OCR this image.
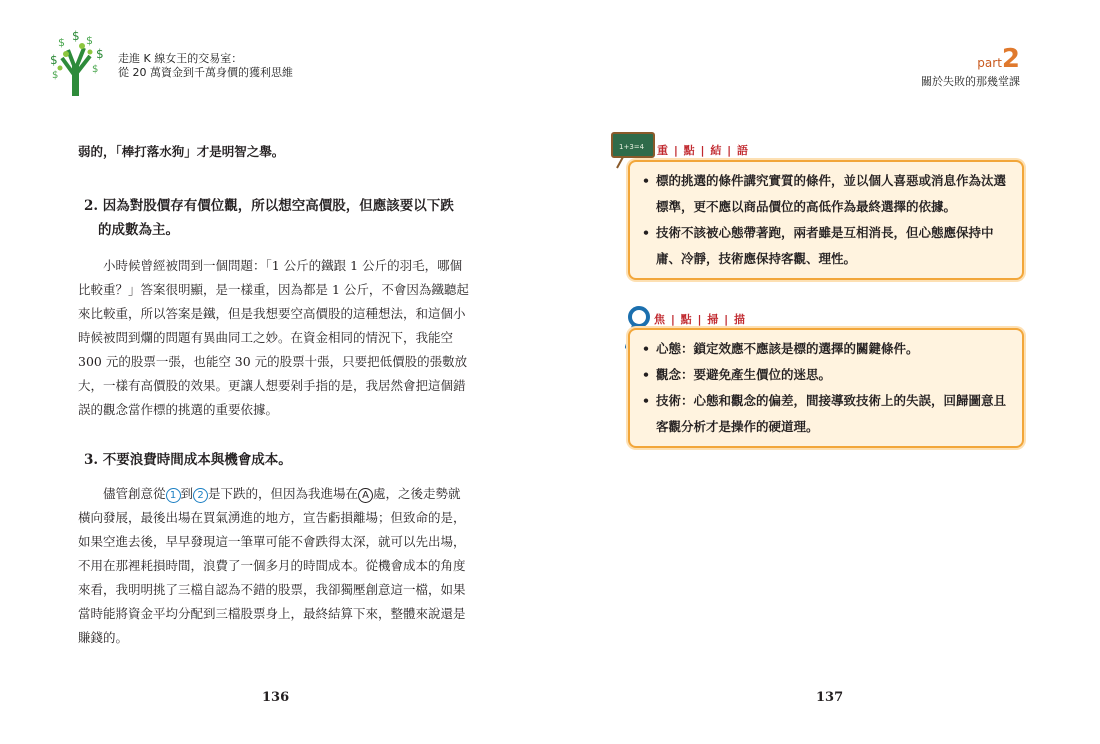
$
$ $ $
$
$
$
走進 K 線女王的交易室：
從 20 萬資金到千萬身價的獲利思維
part2
關於失敗的那幾堂課
弱的，「棒打落水狗」才是明智之舉。
2. 因為對股價存有價位觀，所以想空高價股，但應該要以下跌
的成數為主。

小時候曾經被問到一個問題：「1 公斤的鐵跟 1 公斤的羽毛，哪個比較重？」答案很明顯，是一樣重，因為都是 1 公斤，不會因為鐵聽起來比較重，所以答案是鐵，但是我想要空高價股的這種想法，和這個小時候被問到爛的問題有異曲同工之妙。在資金相同的情況下，我能空 300 元的股票一張，也能空 30 元的股票十張，只要把低價股的張數放大，一樣有高價股的效果。更讓人想要剁手指的是，我居然會把這個錯誤的觀念當作標的挑選的重要依據。

3. 不要浪費時間成本與機會成本。

儘管創意從 1 到 2 是下跌的，但因為我進場在 A 處，之後走勢就橫向發展，最後出場在買氣湧進的地方，宣告虧損離場；但致命的是，如果空進去後，早早發現這一筆單可能不會跌得太深，就可以先出場，不用在那裡耗損時間，浪費了一個多月的時間成本。從機會成本的角度來看，我明明挑了三檔自認為不錯的股票，我卻獨壓創意這一檔，如果當時能將資金平均分配到三檔股票身上，最終結算下來，整體來說還是賺錢的。

136
1+3=4 重 | 點 | 結 | 語
• 標的挑選的條件講究實質的條件，並以個人喜惡或消息作為汰選標準，更不應以商品價位的高低作為最終選擇的依據。
• 技術不該被心態帶著跑，兩者雖是互相消長，但心態應保持中庸、冷靜，技術應保持客觀、理性。
焦 | 點 | 掃 | 描
• 心態：鎖定效應不應該是標的選擇的關鍵條件。
• 觀念：要避免產生價位的迷思。
• 技術：心態和觀念的偏差，間接導致技術上的失誤，回歸圖意且客觀分析才是操作的硬道理。
137
